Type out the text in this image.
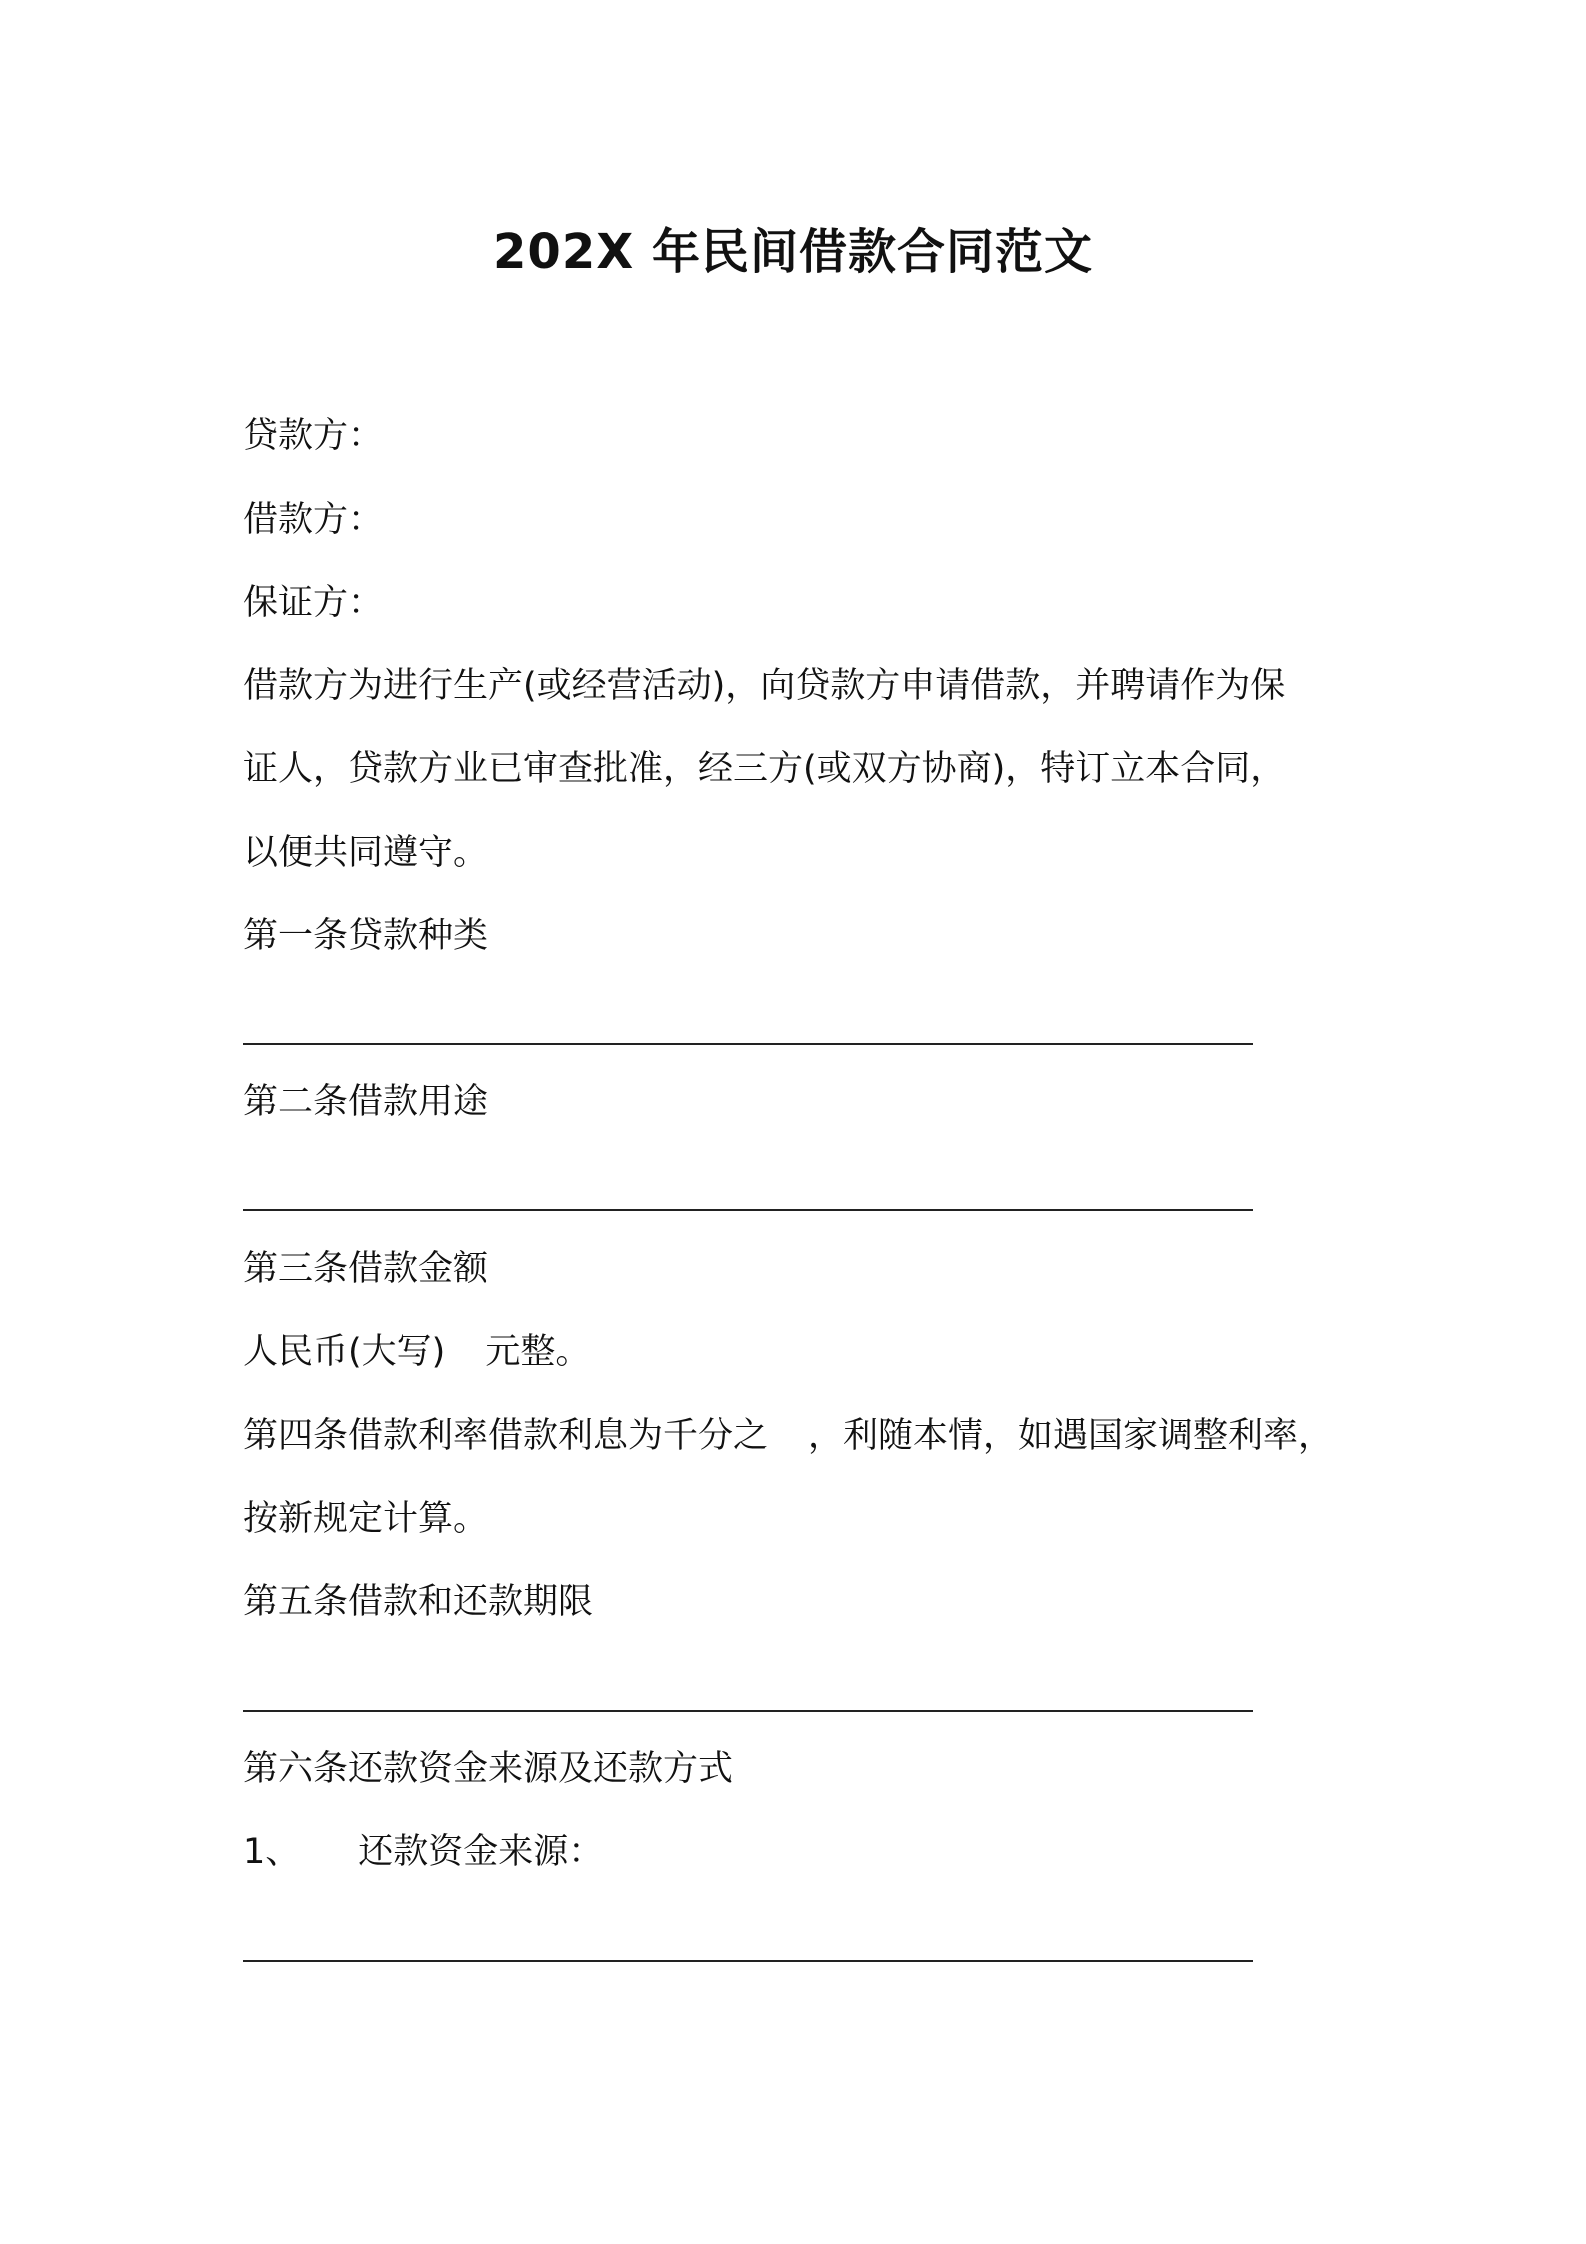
202X 年民间借款合同范文
贷款方：
借款方：
保证方：
借款方为进行生产(或经营活动)，向贷款方申请借款，并聘请作为保
证人，贷款方业已审查批准，经三方(或双方协商)，特订立本合同，
以便共同遵守。
第一条贷款种类
第二条借款用途
第三条借款金额
人民币(大写) 元整。
第四条借款利率借款利息为千分之 ，利随本情，如遇国家调整利率，
按新规定计算。
第五条借款和还款期限
第六条还款资金来源及还款方式
1、 还款资金来源：
